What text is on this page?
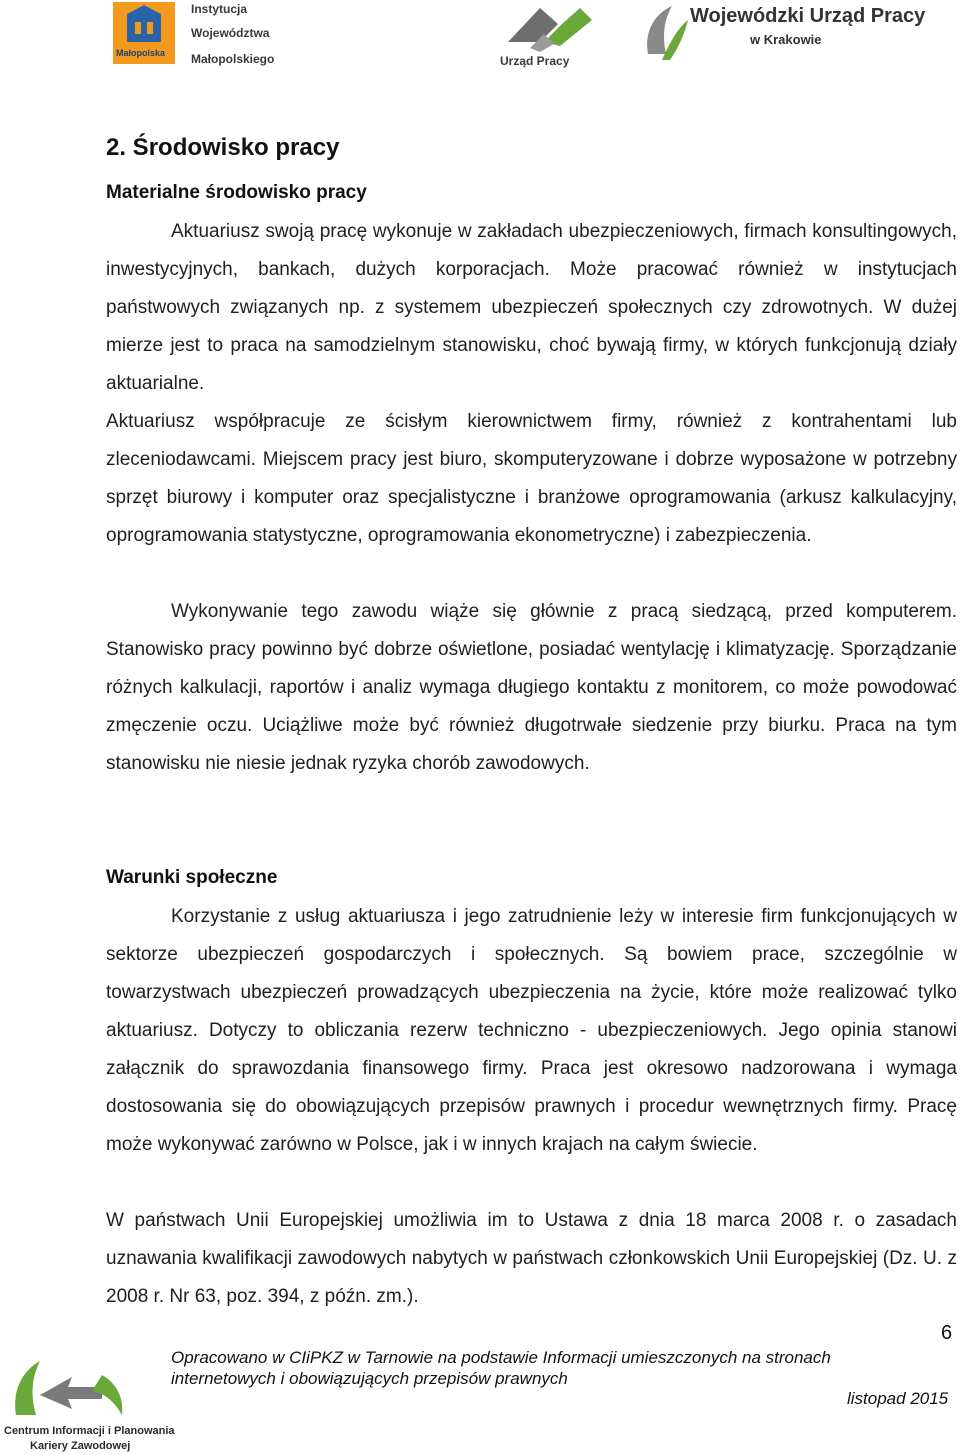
Małopolska
Instytucja
Województwa
Małopolskiego	Urząd Pracy
Wojewódzki Urząd Pracy
w Krakowie
2. Środowisko pracy

Materialne środowisko pracy

Aktuariusz swoją pracę wykonuje w zakładach ubezpieczeniowych, firmach konsultingowych, inwestycyjnych, bankach, dużych korporacjach. Może pracować również w instytucjach państwowych związanych np. z systemem ubezpieczeń społecznych czy zdrowotnych. W dużej mierze jest to praca na samodzielnym stanowisku, choć bywają firmy, w których funkcjonują działy aktuarialne.

Aktuariusz współpracuje ze ścisłym kierownictwem firmy, również z kontrahentami lub zleceniodawcami. Miejscem pracy jest biuro, skomputeryzowane i dobrze wyposażone w potrzebny sprzęt biurowy i komputer oraz specjalistyczne i branżowe oprogramowania (arkusz kalkulacyjny, oprogramowania statystyczne, oprogramowania ekonometryczne) i zabezpieczenia.

Wykonywanie tego zawodu wiąże się głównie z pracą siedzącą, przed komputerem. Stanowisko pracy powinno być dobrze oświetlone, posiadać wentylację i klimatyzację. Sporządzanie różnych kalkulacji, raportów i analiz wymaga długiego kontaktu z monitorem, co może powodować zmęczenie oczu. Uciążliwe może być również długotrwałe siedzenie przy biurku. Praca na tym stanowisku nie niesie jednak ryzyka chorób zawodowych.

Warunki społeczne

Korzystanie z usług aktuariusza i jego zatrudnienie leży w interesie firm funkcjonujących w sektorze ubezpieczeń gospodarczych i społecznych. Są bowiem prace, szczególnie w towarzystwach ubezpieczeń prowadzących ubezpieczenia na życie, które może realizować tylko aktuariusz. Dotyczy to obliczania rezerw techniczno - ubezpieczeniowych. Jego opinia stanowi załącznik do sprawozdania finansowego firmy. Praca jest okresowo nadzorowana i wymaga dostosowania się do obowiązujących przepisów prawnych i procedur wewnętrznych firmy. Pracę może wykonywać zarówno w Polsce, jak i w innych krajach na całym świecie.

W państwach Unii Europejskiej umożliwia im to Ustawa z dnia 18 marca 2008 r. o zasadach uznawania kwalifikacji zawodowych nabytych w państwach członkowskich Unii Europejskiej (Dz. U. z 2008 r. Nr 63, poz. 394, z późn. zm.).

6
Opracowano w CIiPKZ w Tarnowie na podstawie Informacji umieszczonych na stronach
internetowych i obowiązujących przepisów prawnych
listopad 2015
Centrum Informacji i Planowania
Kariery Zawodowej
